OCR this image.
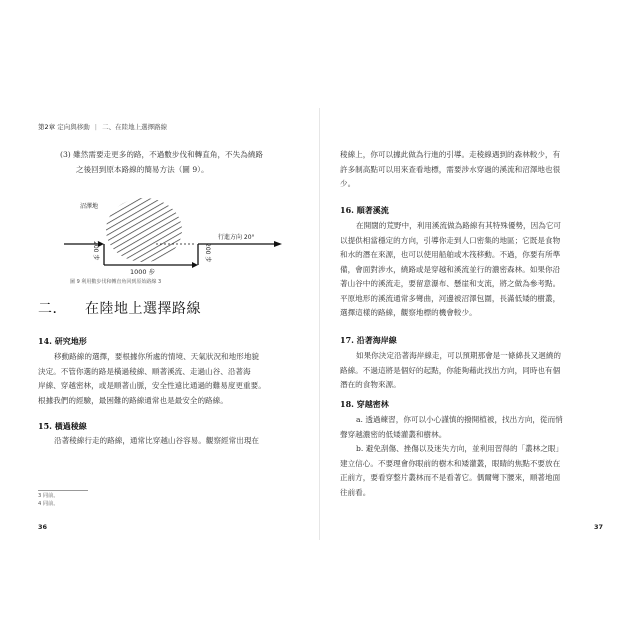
第2章 定向與移動 | 二、在陸地上選擇路線
(3) 雖然需要走更多的路，不過數步伐和轉直角，不失為繞路
之後回到原本路線的簡易方法（圖 9）。
沼澤地
行進方向 20°
200 步	200 步
1000 步
圖 9 利用數步伐和轉直角回到原始路線 3
二． 在陸地上選擇路線
14. 研究地形
移動路線的選擇，要根據你所處的情境、天氣狀況和地形地貌
決定。不管你選的路是橫過稜線、順著溪流、走過山谷、沿著海
岸線、穿越密林，或是順著山脈，安全性遠比通過的難易度更重要。
根據我們的經驗，最困難的路線通常也是最安全的路線。
15. 橫過稜線
沿著稜線行走的路線，通常比穿越山谷容易。觀察經常出現在
3 同前。
4 同前。
36
稜線上，你可以據此做為行進的引導。走稜線遇到的森林較少，有
許多制高點可以用來查看地標，需要涉水穿過的溪流和沼澤地也很
少。
16. 順著溪流
在開闊的荒野中，利用溪流做為路線有其特殊優勢，因為它可
以提供相當穩定的方向，引導你走到人口密集的地區；它既是食物
和水的潛在來源，也可以使用船舶或木筏移動。不過，你要有所準
備，會面對涉水，繞路或是穿越和溪流並行的濃密森林。如果你沿
著山谷中的溪流走，要留意瀑布、懸崖和支流，將之做為參考點。
平原地形的溪流通常多彎曲，河邊被沼澤包圍，長滿低矮的樹叢，
選擇這樣的路線，觀察地標的機會較少。
17. 沿著海岸線
如果你決定沿著海岸線走，可以預期那會是一條綿長又迴繞的
路線。不過這將是個好的起點，你能夠藉此找出方向，同時也有個
潛在的食物來源。
18. 穿越密林
a. 透過練習，你可以小心謹慎的撥開植被，找出方向，從而悄
聲穿越濃密的低矮灌叢和樹林。
b. 避免刮傷、挫傷以及迷失方向，並利用習得的「叢林之眼」
建立信心。不要理會你眼前的樹木和矮灌叢，眼睛的焦點不要放在
正前方，要看穿整片叢林而不是看著它。偶爾彎下腰來，順著地面
往前看。
37
